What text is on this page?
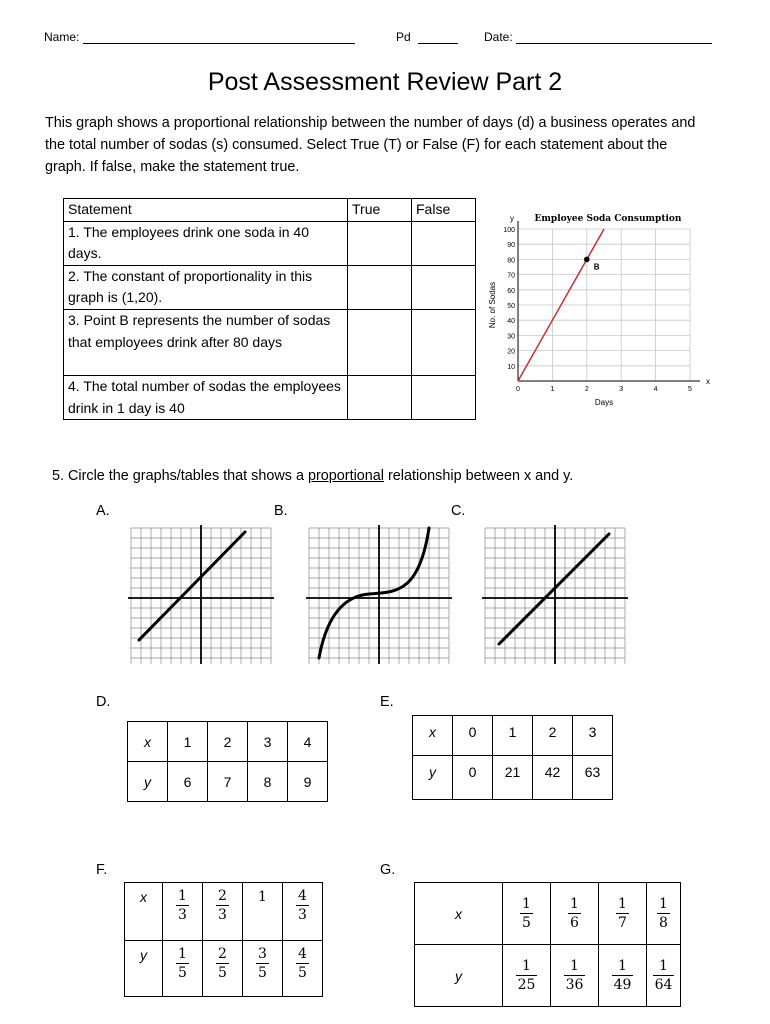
Name:	Pd	Date:
Post Assessment Review Part 2
This graph shows a proportional relationship between the number of days (d) a business operates and the total number of sodas (s) consumed. Select True (T) or False (F) for each statement about the graph. If false, make the statement true.
Statement	True	False
1. The employees drink one soda in 40 days.		
2. The constant of proportionality in this graph is (1,20).		
3. Point B represents the number of sodas that employees drink after 80 days		
4. The total number of sodas the employees drink in 1 day is 40		
Employee Soda Consumption
x
y
10
20
30
40
50
60
70
80
90
100
0	1	2	3	4	5
Days
No. of Sodas
B
5. Circle the graphs/tables that shows a proportional relationship between x and y.
A.	B.	C.
D.	E.
x	1	2	3	4
y	6	7	8	9
x	0	1	2	3
y	0	21	42	63
F.	G.
x	$\frac{1}{3}$	$\frac{2}{3}$	1	$\frac{4}{3}$

y	$\frac{1}{5}$	$\frac{2}{5}$	$\frac{3}{5}$	$\frac{4}{5}$
x	$\frac{1}{5}$	$\frac{1}{6}$	$\frac{1}{7}$	$\frac{1}{8}$

y	$\frac{1}{25}$	$\frac{1}{36}$	$\frac{1}{49}$	$\frac{1}{64}$
